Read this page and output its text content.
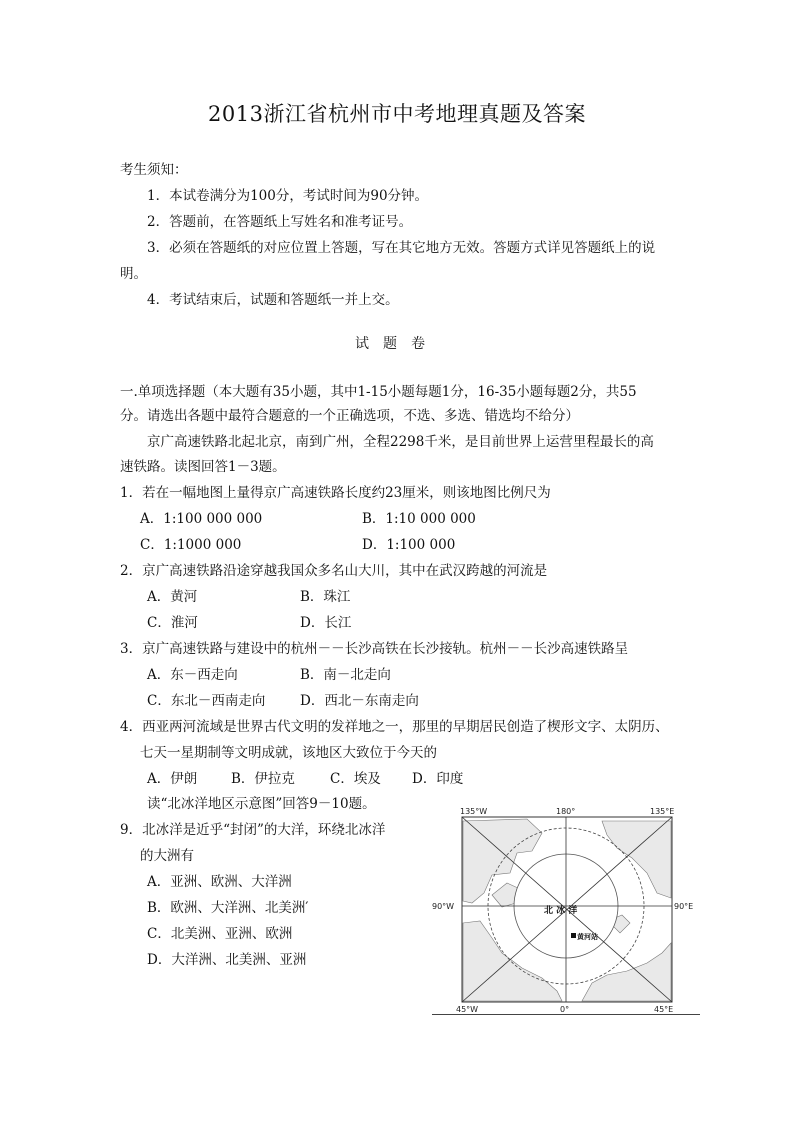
2013浙江省杭州市中考地理真题及答案
考生须知：
1．本试卷满分为100分，考试时间为90分钟。
2．答题前，在答题纸上写姓名和准考证号。
3．必须在答题纸的对应位置上答题，写在其它地方无效。答题方式详见答题纸上的说
明。
4．考试结束后，试题和答题纸一并上交。
试题卷
一.单项选择题（本大题有35小题，其中1-15小题每题1分，16-35小题每题2分，共55
分。请选出各题中最符合题意的一个正确选项，不选、多选、错选均不给分）
京广高速铁路北起北京，南到广州，全程2298千米，是目前世界上运营里程最长的高
速铁路。读图回答1－3题。
1．若在一幅地图上量得京广高速铁路长度约23厘米，则该地图比例尺为
A．1:100 000 000	B．1:10 000 000
C．1:1000 000	D．1:100 000
2．京广高速铁路沿途穿越我国众多名山大川，其中在武汉跨越的河流是
A．黄河	B．珠江
C．淮河	D．长江
3．京广高速铁路与建设中的杭州－－长沙高铁在长沙接轨。杭州－－长沙高速铁路呈
A．东－西走向	B．南－北走向
C．东北－西南走向	D．西北－东南走向
4．西亚两河流域是世界古代文明的发祥地之一，那里的早期居民创造了楔形文字、太阴历、
七天一星期制等文明成就，该地区大致位于今天的
A．伊朗	B．伊拉克	C．埃及 D．印度
读“北冰洋地区示意图”回答9－10题。
9．北冰洋是近乎“封闭”的大洋，环绕北冰洋
的大洲有
A．亚洲、欧洲、大洋洲
B．欧洲、大洋洲、北美洲′
C．北美洲、亚洲、欧洲
D．大洋洲、北美洲、亚洲
135°W	180°	135°E
90°W	90°E
45°W	0°	45°E
北 冰 洋
黄河站
